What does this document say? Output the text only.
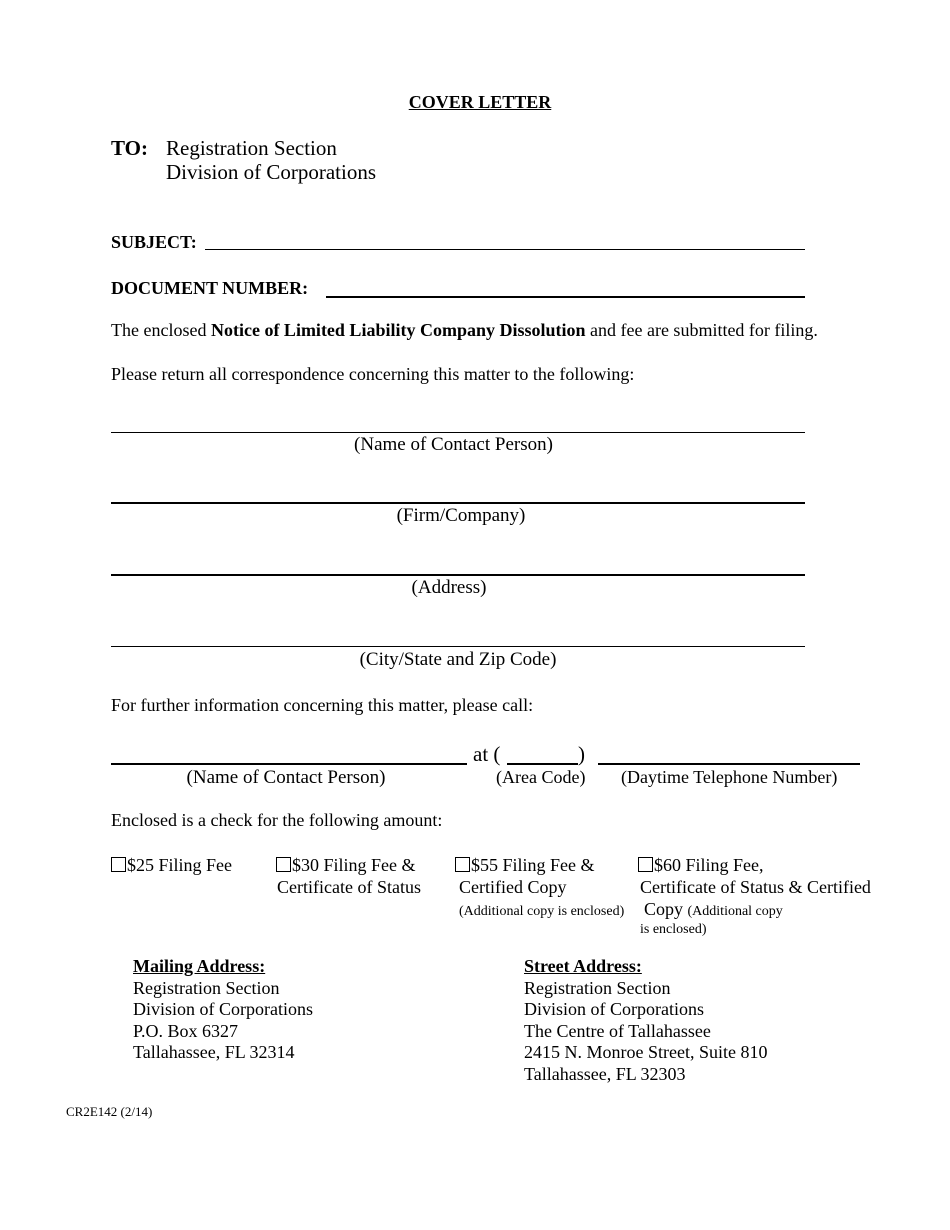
COVER LETTER
TO: Registration Section
Division of Corporations
SUBJECT:
DOCUMENT NUMBER:
The enclosed Notice of Limited Liability Company Dissolution and fee are submitted for filing.
Please return all correspondence concerning this matter to the following:
(Name of Contact Person)
(Firm/Company)
(Address)
(City/State and Zip Code)
For further information concerning this matter, please call:
at (	)
(Name of Contact Person)	(Area Code) (Daytime Telephone Number)
Enclosed is a check for the following amount:
$25 Filing Fee	$30 Filing Fee &
Certificate of Status
$55 Filing Fee &
Certified Copy
(Additional copy is enclosed)
$60 Filing Fee,
Certificate of Status & Certified
Copy (Additional copy
is enclosed)
Mailing Address:
Registration Section
Division of Corporations
P.O. Box 6327
Tallahassee, FL 32314
Street Address:
Registration Section
Division of Corporations
The Centre of Tallahassee
2415 N. Monroe Street, Suite 810
Tallahassee, FL 32303
CR2E142 (2/14)
